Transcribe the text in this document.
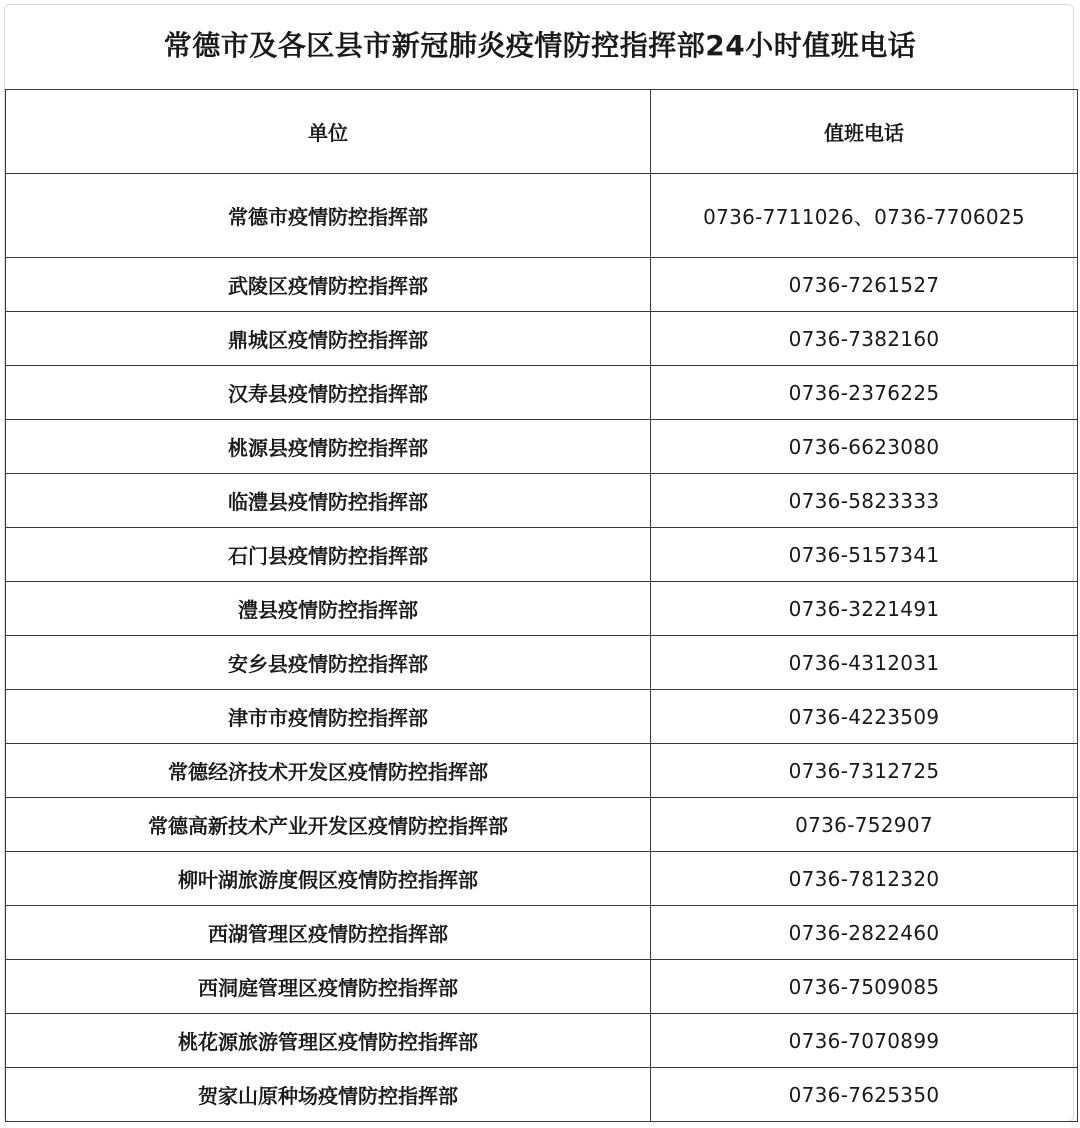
常德市及各区县市新冠肺炎疫情防控指挥部24小时值班电话
单位	值班电话
常德市疫情防控指挥部	0736-7711026、0736-7706025
武陵区疫情防控指挥部	0736-7261527
鼎城区疫情防控指挥部	0736-7382160
汉寿县疫情防控指挥部	0736-2376225
桃源县疫情防控指挥部	0736-6623080
临澧县疫情防控指挥部	0736-5823333
石门县疫情防控指挥部	0736-5157341
澧县疫情防控指挥部	0736-3221491
安乡县疫情防控指挥部	0736-4312031
津市市疫情防控指挥部	0736-4223509
常德经济技术开发区疫情防控指挥部	0736-7312725
常德高新技术产业开发区疫情防控指挥部	0736-752907
柳叶湖旅游度假区疫情防控指挥部	0736-7812320
西湖管理区疫情防控指挥部	0736-2822460
西洞庭管理区疫情防控指挥部	0736-7509085
桃花源旅游管理区疫情防控指挥部	0736-7070899
贺家山原种场疫情防控指挥部	0736-7625350
